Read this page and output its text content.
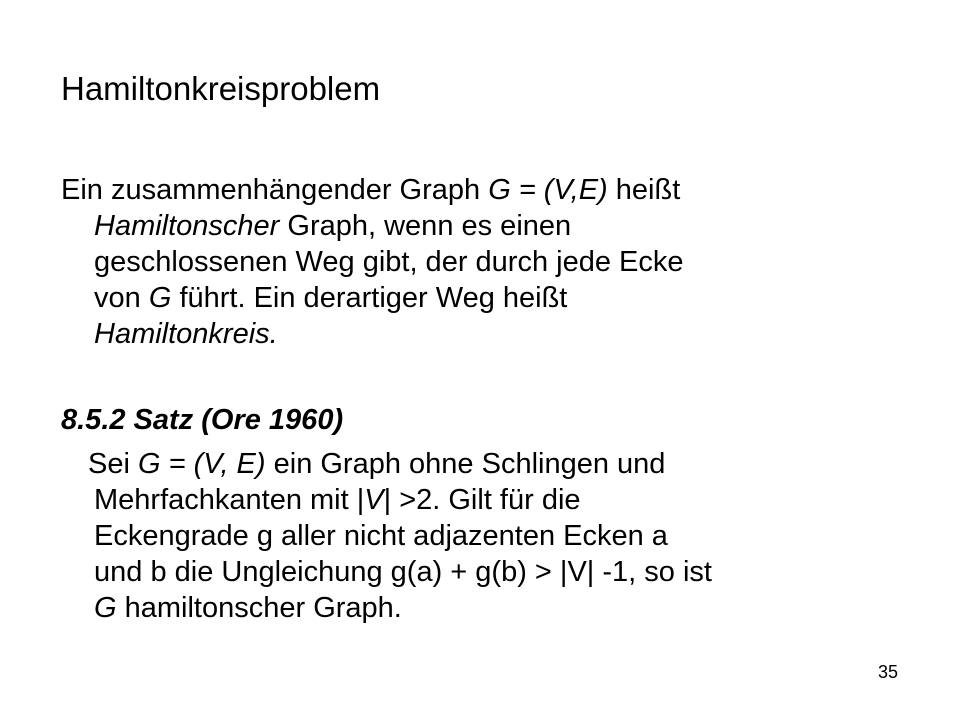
Hamiltonkreisproblem
Ein zusammenhängender Graph G = (V,E) heißt
Hamiltonscher Graph, wenn es einen
geschlossenen Weg gibt, der durch jede Ecke
von G führt. Ein derartiger Weg heißt
Hamiltonkreis.
8.5.2 Satz (Ore 1960)
Sei G = (V, E) ein Graph ohne Schlingen und
Mehrfachkanten mit |V| >2. Gilt für die
Eckengrade g aller nicht adjazenten Ecken a
und b die Ungleichung g(a) + g(b) > |V| -1, so ist
G hamiltonscher Graph.
35
